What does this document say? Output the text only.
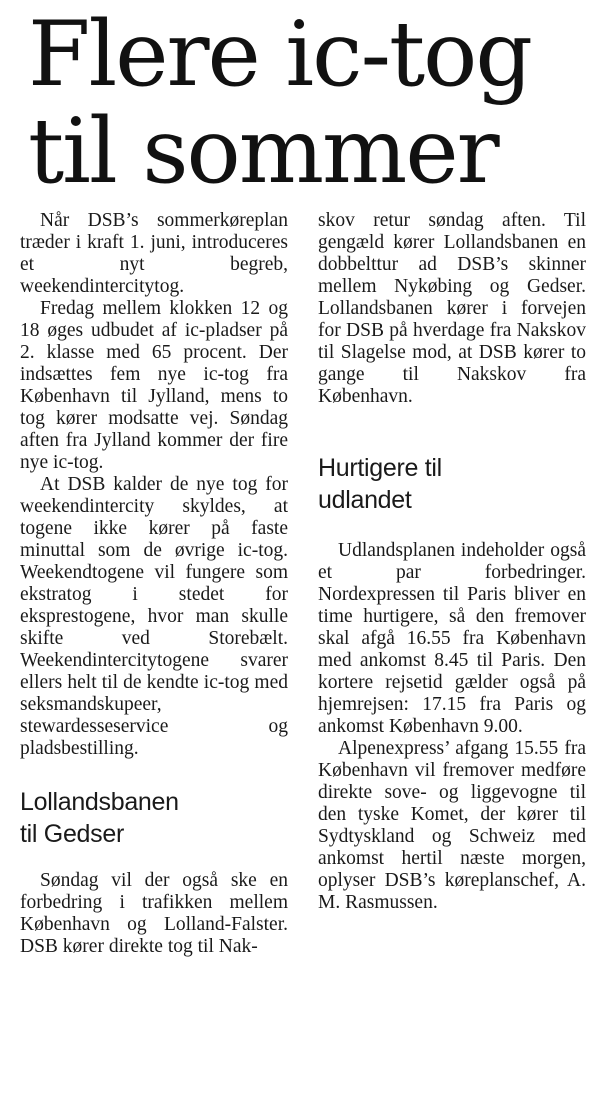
Flere ic-tog
til sommer

Når DSB’s sommerkøreplan træder i kraft 1. juni, introduceres et nyt begreb, weekendintercitytog.

Fredag mellem klokken 12 og 18 øges udbudet af ic-pladser på 2. klasse med 65 procent. Der indsættes fem nye ic-tog fra København til Jylland, mens to tog kører modsatte vej. Søndag aften fra Jylland kommer der fire nye ic-tog.

At DSB kalder de nye tog for weekendintercity skyldes, at togene ikke kører på faste minuttal som de øvrige ic-tog. Weekendtogene vil fungere som ekstratog i stedet for eksprestogene, hvor man skulle skifte ved Storebælt. Weekendintercitytogene svarer ellers helt til de kendte ic-tog med seksmandskupeer, stewardesseservice og pladsbestilling.

Lollandsbanen
til Gedser

Søndag vil der også ske en forbedring i trafikken mellem København og Lolland-Falster. DSB kører direkte tog til Nak-

skov retur søndag aften. Til gengæld kører Lollandsbanen en dobbelttur ad DSB’s skinner mellem Nykøbing og Gedser. Lollandsbanen kører i forvejen for DSB på hverdage fra Nakskov til Slagelse mod, at DSB kører to gange til Nakskov fra København.

Hurtigere til
udlandet

Udlandsplanen indeholder også et par forbedringer. Nordexpressen til Paris bliver en time hurtigere, så den fremover skal afgå 16.55 fra København med ankomst 8.45 til Paris. Den kortere rejsetid gælder også på hjemrejsen: 17.15 fra Paris og ankomst København 9.00.

Alpenexpress’ afgang 15.55 fra København vil fremover medføre direkte sove- og liggevogne til den tyske Komet, der kører til Sydtyskland og Schweiz med ankomst hertil næste morgen, oplyser DSB’s køreplanschef, A. M. Rasmussen.
